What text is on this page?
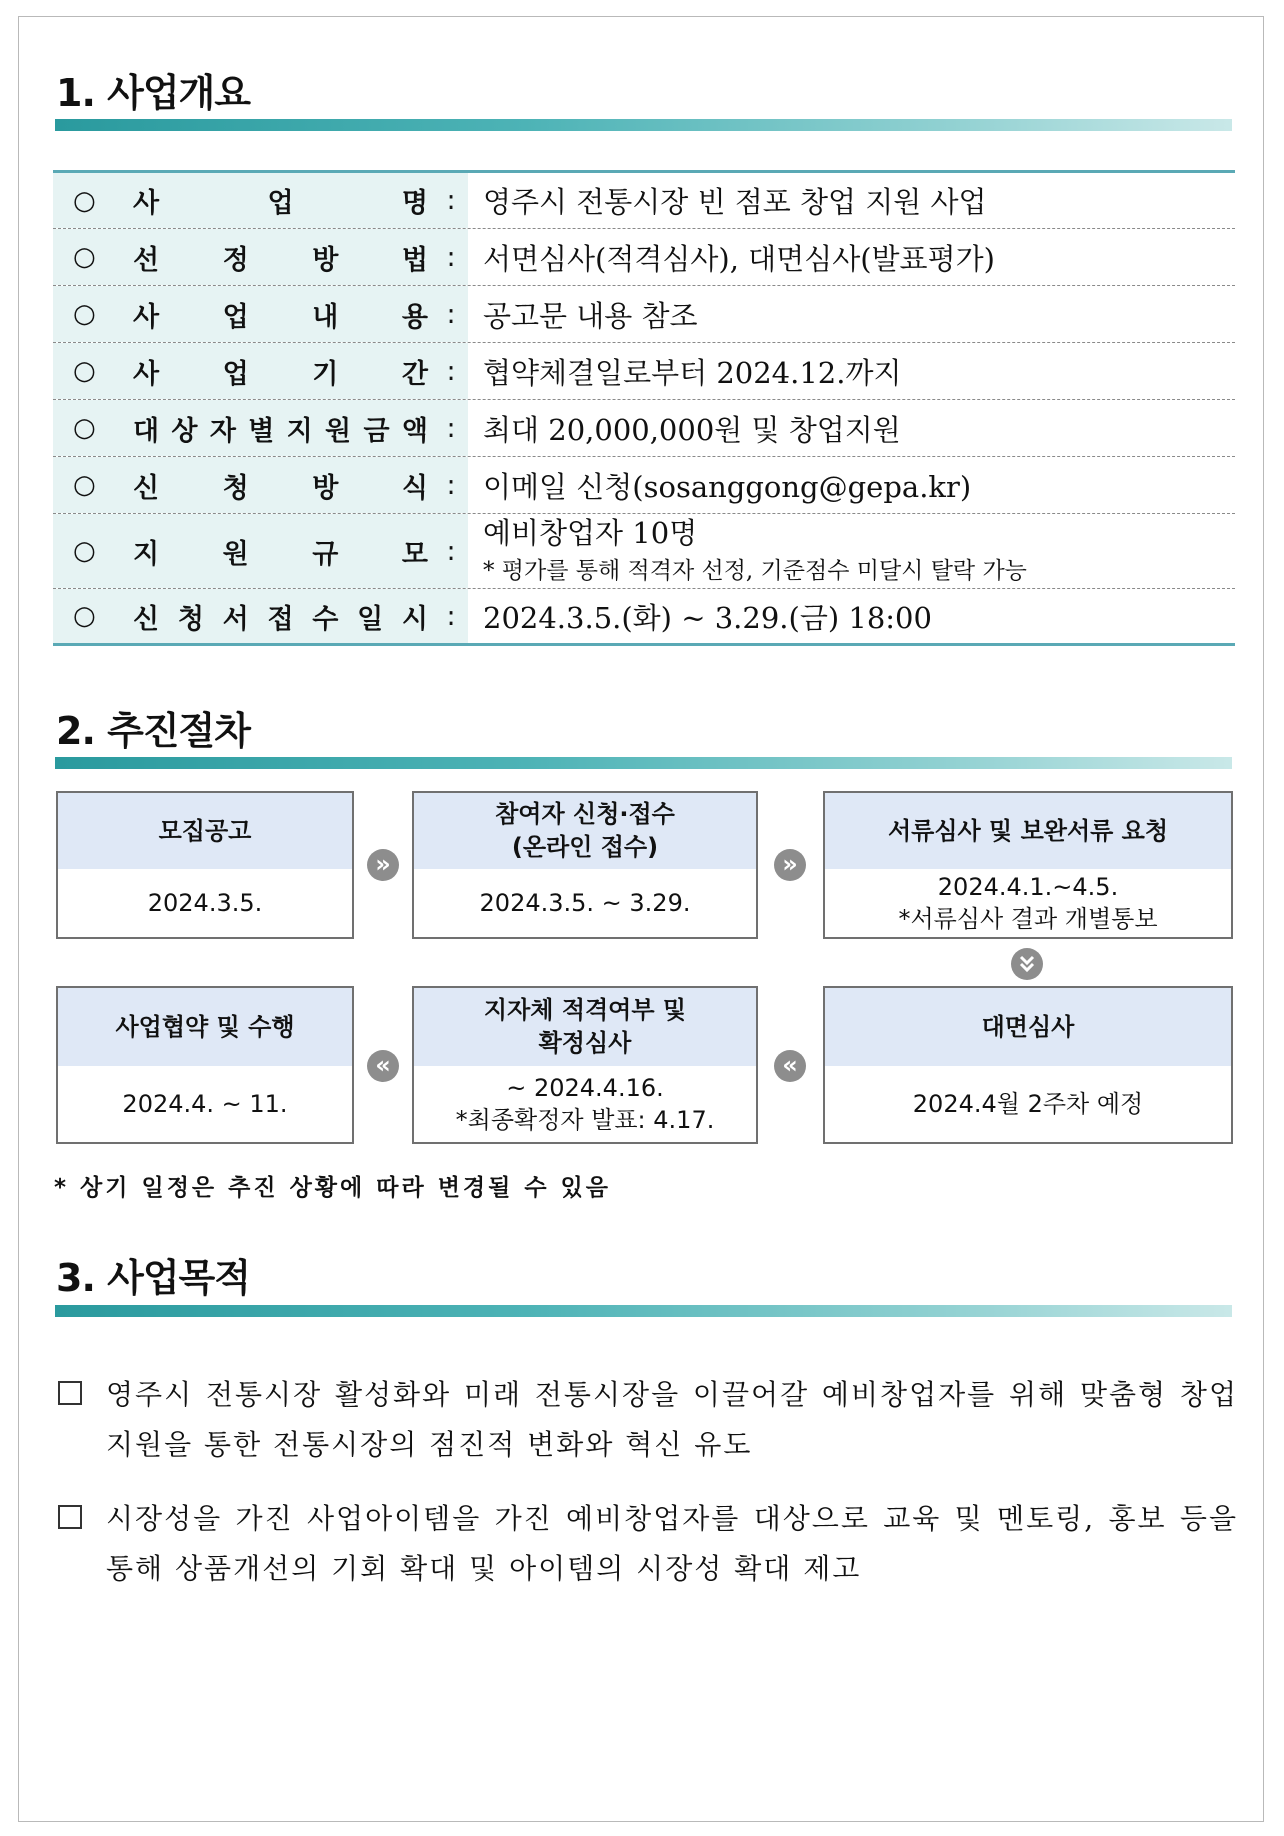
1. 사업개요
○ 사	업	명 : 영주시 전통시장 빈 점포 창업 지원 사업
○ 선 정 방 법 : 서면심사(적격심사), 대면심사(발표평가)
○ 사 업 내 용 : 공고문 내용 참조
○ 사 업 기 간 : 협약체결일로부터 2024.12.까지
○ 대 상 자 별 지 원 금 액 : 최대 20,000,000원 및 창업지원
○ 신 청 방 식 : 이메일 신청(sosanggong@gepa.kr)
○ 지 원 규 모 :
예비창업자 10명
* 평가를 통해 적격자 선정, 기준점수 미달시 탈락 가능
○ 신 청 서 접 수 일 시 : 2024.3.5.(화) ~ 3.29.(금) 18:00
2. 추진절차
모집공고
2024.3.5.
»
참여자 신청·접수
(온라인 접수)
2024.3.5. ~ 3.29.
»
서류심사 및 보완서류 요청
2024.4.1.~4.5.
*서류심사 결과 개별통보
사업협약 및 수행
2024.4. ~ 11.
«
지자체 적격여부 및
확정심사
~ 2024.4.16.
*최종확정자 발표: 4.17.
«
대면심사
2024.4월 2주차 예정
* 상기 일정은 추진 상황에 따라 변경될 수 있음
3. 사업목적
영주시 전통시장 활성화와 미래 전통시장을 이끌어갈 예비창업자를 위해 맞춤형 창업 지원을 통한 전통시장의 점진적 변화와 혁신 유도
시장성을 가진 사업아이템을 가진 예비창업자를 대상으로 교육 및 멘토링, 홍보 등을 통해 상품개선의 기회 확대 및 아이템의 시장성 확대 제고
